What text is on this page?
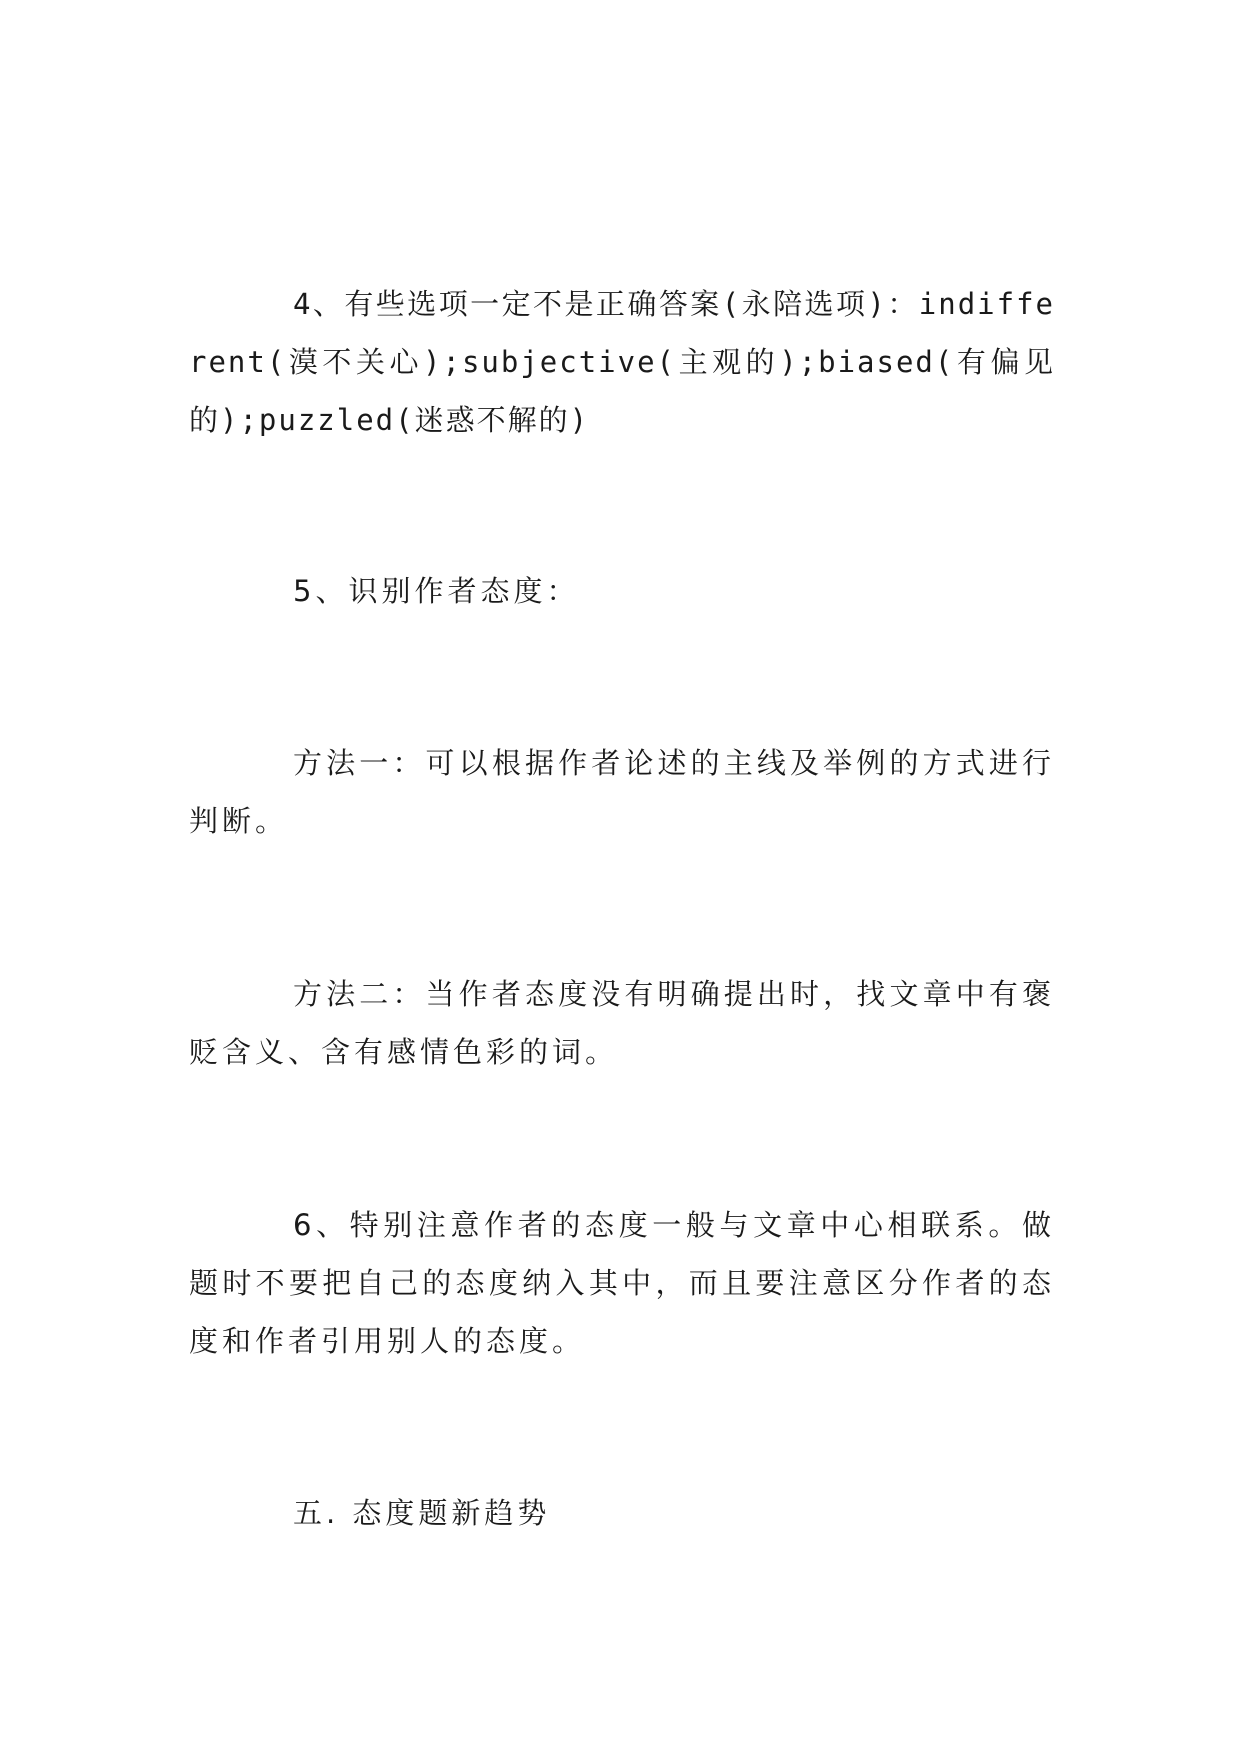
4、有些选项一定不是正确答案(永陪选项)：indifferent(漠不关心);subjective(主观的);biased(有偏见的);puzzled(迷惑不解的)

5、识别作者态度：

方法一：可以根据作者论述的主线及举例的方式进行判断。

方法二：当作者态度没有明确提出时，找文章中有褒贬含义、含有感情色彩的词。

6、特别注意作者的态度一般与文章中心相联系。做题时不要把自己的态度纳入其中，而且要注意区分作者的态度和作者引用别人的态度。

五. 态度题新趋势
